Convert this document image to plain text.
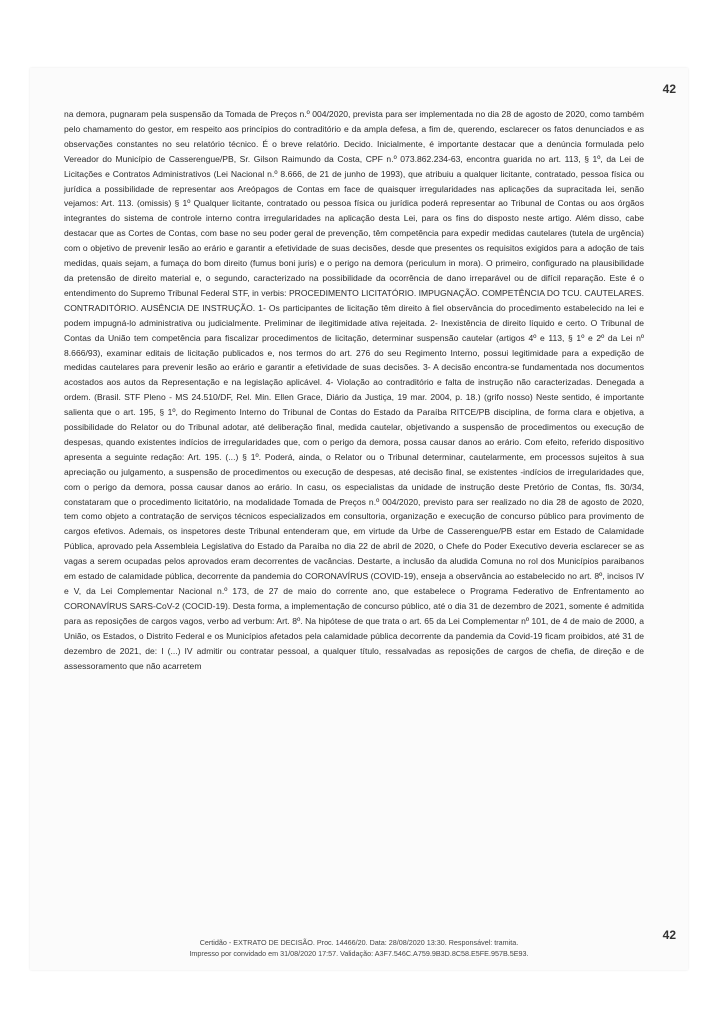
42

na demora, pugnaram pela suspensão da Tomada de Preços n.º 004/2020, prevista para ser implementada no dia 28 de agosto de 2020, como também pelo chamamento do gestor, em respeito aos princípios do contraditório e da ampla defesa, a fim de, querendo, esclarecer os fatos denunciados e as observações constantes no seu relatório técnico. É o breve relatório. Decido. Inicialmente, é importante destacar que a denúncia formulada pelo Vereador do Município de Casserengue/PB, Sr. Gilson Raimundo da Costa, CPF n.º 073.862.234-63, encontra guarida no art. 113, § 1º, da Lei de Licitações e Contratos Administrativos (Lei Nacional n.º 8.666, de 21 de junho de 1993), que atribuiu a qualquer licitante, contratado, pessoa física ou jurídica a possibilidade de representar aos Areópagos de Contas em face de quaisquer irregularidades nas aplicações da supracitada lei, senão vejamos: Art. 113. (omissis) § 1º Qualquer licitante, contratado ou pessoa física ou jurídica poderá representar ao Tribunal de Contas ou aos órgãos integrantes do sistema de controle interno contra irregularidades na aplicação desta Lei, para os fins do disposto neste artigo. Além disso, cabe destacar que as Cortes de Contas, com base no seu poder geral de prevenção, têm competência para expedir medidas cautelares (tutela de urgência) com o objetivo de prevenir lesão ao erário e garantir a efetividade de suas decisões, desde que presentes os requisitos exigidos para a adoção de tais medidas, quais sejam, a fumaça do bom direito (fumus boni juris) e o perigo na demora (periculum in mora). O primeiro, configurado na plausibilidade da pretensão de direito material e, o segundo, caracterizado na possibilidade da ocorrência de dano irreparável ou de difícil reparação. Este é o entendimento do Supremo Tribunal Federal STF, in verbis: PROCEDIMENTO LICITATÓRIO. IMPUGNAÇÃO. COMPETÊNCIA DO TCU. CAUTELARES. CONTRADITÓRIO. AUSÊNCIA DE INSTRUÇÃO. 1- Os participantes de licitação têm direito à fiel observância do procedimento estabelecido na lei e podem impugná-lo administrativa ou judicialmente. Preliminar de ilegitimidade ativa rejeitada. 2- Inexistência de direito líquido e certo. O Tribunal de Contas da União tem competência para fiscalizar procedimentos de licitação, determinar suspensão cautelar (artigos 4º e 113, § 1º e 2º da Lei nº 8.666/93), examinar editais de licitação publicados e, nos termos do art. 276 do seu Regimento Interno, possui legitimidade para a expedição de medidas cautelares para prevenir lesão ao erário e garantir a efetividade de suas decisões. 3- A decisão encontra-se fundamentada nos documentos acostados aos autos da Representação e na legislação aplicável. 4- Violação ao contraditório e falta de instrução não caracterizadas. Denegada a ordem. (Brasil. STF Pleno - MS 24.510/DF, Rel. Min. Ellen Grace, Diário da Justiça, 19 mar. 2004, p. 18.) (grifo nosso) Neste sentido, é importante salienta que o art. 195, § 1º, do Regimento Interno do Tribunal de Contas do Estado da Paraíba RITCE/PB disciplina, de forma clara e objetiva, a possibilidade do Relator ou do Tribunal adotar, até deliberação final, medida cautelar, objetivando a suspensão de procedimentos ou execução de despesas, quando existentes indícios de irregularidades que, com o perigo da demora, possa causar danos ao erário. Com efeito, referido dispositivo apresenta a seguinte redação: Art. 195. (...) § 1º. Poderá, ainda, o Relator ou o Tribunal determinar, cautelarmente, em processos sujeitos à sua apreciação ou julgamento, a suspensão de procedimentos ou execução de despesas, até decisão final, se existentes -indícios de irregularidades que, com o perigo da demora, possa causar danos ao erário. In casu, os especialistas da unidade de instrução deste Pretório de Contas, fls. 30/34, constataram que o procedimento licitatório, na modalidade Tomada de Preços n.º 004/2020, previsto para ser realizado no dia 28 de agosto de 2020, tem como objeto a contratação de serviços técnicos especializados em consultoria, organização e execução de concurso público para provimento de cargos efetivos. Ademais, os inspetores deste Tribunal entenderam que, em virtude da Urbe de Casserengue/PB estar em Estado de Calamidade Pública, aprovado pela Assembleia Legislativa do Estado da Paraíba no dia 22 de abril de 2020, o Chefe do Poder Executivo deveria esclarecer se as vagas a serem ocupadas pelos aprovados eram decorrentes de vacâncias. Destarte, a inclusão da aludida Comuna no rol dos Municípios paraibanos em estado de calamidade pública, decorrente da pandemia do CORONAVÍRUS (COVID-19), enseja a observância ao estabelecido no art. 8º, incisos IV e V, da Lei Complementar Nacional n.º 173, de 27 de maio do corrente ano, que estabelece o Programa Federativo de Enfrentamento ao CORONAVÍRUS SARS-CoV-2 (COCID-19). Desta forma, a implementação de concurso público, até o dia 31 de dezembro de 2021, somente é admitida para as reposições de cargos vagos, verbo ad verbum: Art. 8º. Na hipótese de que trata o art. 65 da Lei Complementar nº 101, de 4 de maio de 2000, a União, os Estados, o Distrito Federal e os Municípios afetados pela calamidade pública decorrente da pandemia da Covid-19 ficam proibidos, até 31 de dezembro de 2021, de: I (...) IV admitir ou contratar pessoal, a qualquer título, ressalvadas as reposições de cargos de chefia, de direção e de assessoramento que não acarretem

42
Certidão - EXTRATO DE DECISÃO. Proc. 14466/20. Data: 28/08/2020 13:30. Responsável: tramita.
Impresso por convidado em 31/08/2020 17:57. Validação: A3F7.546C.A759.9B3D.8C58.E5FE.957B.5E93.
